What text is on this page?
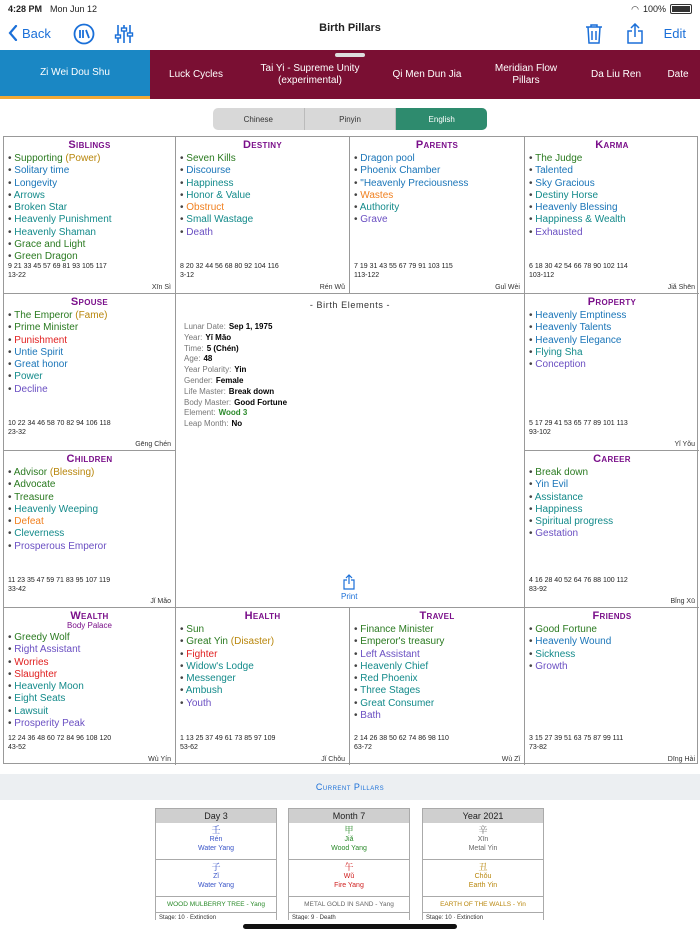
4:28 PM Mon Jun 12	◠ 100%
Back	Birth Pillars	Edit
Zi Wei Dou Shu	Luck Cycles
Tai Yi - Supreme Unity (experimental)
Qi Men Dun Jia
Meridian Flow Pillars
Da Liu Ren	Date
Chinese	Pinyin	English
- Birth Elements -
Lunar Date: Sep 1, 1975
Year: Yǐ Mǎo
Time: 5 (Chén)
Age: 48
Year Polarity: Yin
Gender: Female
Life Master: Break down
Body Master: Good Fortune
Element: Wood 3
Leap Month: No
Print
Siblings
• Supporting (Power)
• Solitary time
• Longevity
• Arrows
• Broken Star
• Heavenly Punishment
• Heavenly Shaman
• Grace and Light
• Green Dragon
9 21 33 45 57 69 81 93 105 117
13-22
Xīn Sì
Destiny
• Seven Kills
• Discourse
• Happiness
• Honor & Value
• Obstruct
• Small Wastage
• Death
8 20 32 44 56 68 80 92 104 116
3-12
Rén Wǔ
Parents
• Dragon pool
• Phoenix Chamber
• "Heavenly Preciousness
• Wastes
• Authority
• Grave
7 19 31 43 55 67 79 91 103 115
113-122
Guǐ Wèi
Karma
• The Judge
• Talented
• Sky Gracious
• Destiny Horse
• Heavenly Blessing
• Happiness & Wealth
• Exhausted
6 18 30 42 54 66 78 90 102 114
103-112
Jiǎ Shēn
Spouse
• The Emperor (Fame)
• Prime Minister
• Punishment
• Untie Spirit
• Great honor
• Power
• Decline
10 22 34 46 58 70 82 94 106 118
23-32
Gēng Chén
Property
• Heavenly Emptiness
• Heavenly Talents
• Heavenly Elegance
• Flying Sha
• Conception
5 17 29 41 53 65 77 89 101 113
93-102
Yǐ Yǒu
Children
• Advisor (Blessing)
• Advocate
• Treasure
• Heavenly Weeping
• Defeat
• Cleverness
• Prosperous Emperor
11 23 35 47 59 71 83 95 107 119
33-42
Jǐ Mǎo
Career
• Break down
• Yin Evil
• Assistance
• Happiness
• Spiritual progress
• Gestation
4 16 28 40 52 64 76 88 100 112
83-92
Bǐng Xū
Wealth
Body Palace
• Greedy Wolf
• Right Assistant
• Worries
• Slaughter
• Heavenly Moon
• Eight Seats
• Lawsuit
• Prosperity Peak
12 24 36 48 60 72 84 96 108 120
43-52
Wù Yín
Health
• Sun
• Great Yin (Disaster)
• Fighter
• Widow's Lodge
• Messenger
• Ambush
• Youth
1 13 25 37 49 61 73 85 97 109
53-62
Jǐ Chǒu
Travel
• Finance Minister
• Emperor's treasury
• Left Assistant
• Heavenly Chief
• Red Phoenix
• Three Stages
• Great Consumer
• Bath
2 14 26 38 50 62 74 86 98 110
63-72
Wù Zǐ
Friends
• Good Fortune
• Heavenly Wound
• Sickness
• Growth
3 15 27 39 51 63 75 87 99 111
73-82
Dīng Hài
Current Pillars
Day 3
壬
Rén
Water Yang
子
Zǐ
Water Yang
WOOD MULBERRY TREE - Yang
Stage: 10 · Extinction
Month 7
甲
Jiǎ
Wood Yang
午
Wǔ
Fire Yang
METAL GOLD IN SAND - Yang
Stage: 9 · Death
Year 2021
辛
Xīn
Metal Yin
丑
Chǒu
Earth Yin
EARTH OF THE WALLS - Yin
Stage: 10 · Extinction
